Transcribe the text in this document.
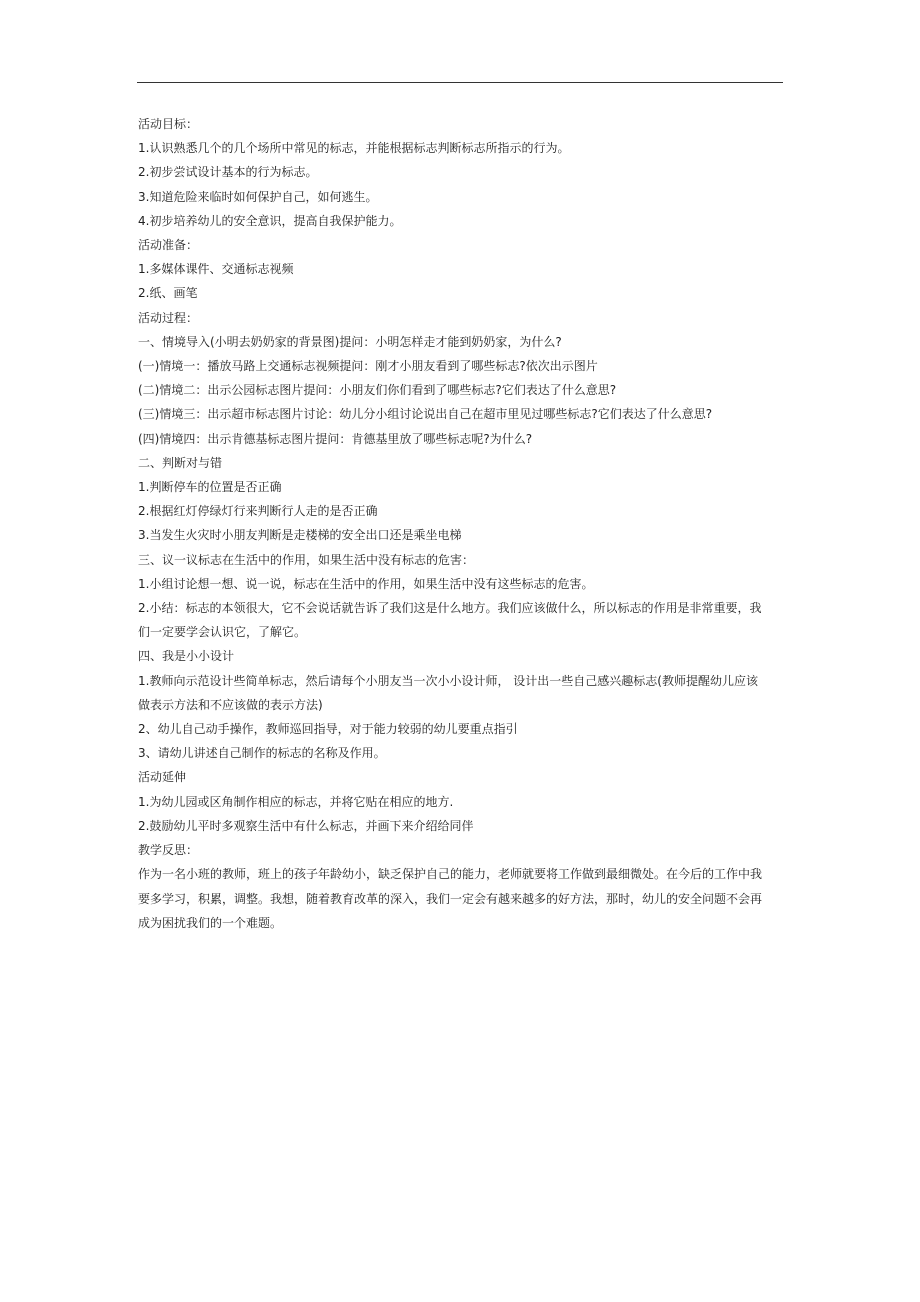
活动目标：
1.认识熟悉几个的几个场所中常见的标志，并能根据标志判断标志所指示的行为。
2.初步尝试设计基本的行为标志。
3.知道危险来临时如何保护自己，如何逃生。
4.初步培养幼儿的安全意识，提高自我保护能力。
活动准备：
1.多媒体课件、交通标志视频
2.纸、画笔
活动过程：
一、情境导入(小明去奶奶家的背景图)提问：小明怎样走才能到奶奶家，为什么?
(一)情境一：播放马路上交通标志视频提问：刚才小朋友看到了哪些标志?依次出示图片
(二)情境二：出示公园标志图片提问：小朋友们你们看到了哪些标志?它们表达了什么意思?
(三)情境三：出示超市标志图片讨论：幼儿分小组讨论说出自己在超市里见过哪些标志?它们表达了什么意思?
(四)情境四：出示肯德基标志图片提问：肯德基里放了哪些标志呢?为什么?
二、判断对与错
1.判断停车的位置是否正确
2.根据红灯停绿灯行来判断行人走的是否正确
3.当发生火灾时小朋友判断是走楼梯的安全出口还是乘坐电梯
三、议一议标志在生活中的作用，如果生活中没有标志的危害：
1.小组讨论想一想、说一说，标志在生活中的作用，如果生活中没有这些标志的危害。
2.小结：标志的本领很大，它不会说话就告诉了我们这是什么地方。我们应该做什么，所以标志的作用是非常重要，我
们一定要学会认识它，了解它。
四、我是小小设计
1.教师向示范设计些简单标志，然后请每个小朋友当一次小小设计师， 设计出一些自己感兴趣标志(教师提醒幼儿应该
做表示方法和不应该做的表示方法)
2、幼儿自己动手操作，教师巡回指导，对于能力较弱的幼儿要重点指引
3、请幼儿讲述自己制作的标志的名称及作用。
活动延伸
1.为幼儿园或区角制作相应的标志，并将它贴在相应的地方.
2.鼓励幼儿平时多观察生活中有什么标志，并画下来介绍给同伴
教学反思：
作为一名小班的教师，班上的孩子年龄幼小，缺乏保护自己的能力，老师就要将工作做到最细微处。在今后的工作中我
要多学习，积累，调整。我想，随着教育改革的深入，我们一定会有越来越多的好方法，那时，幼儿的安全问题不会再
成为困扰我们的一个难题。
